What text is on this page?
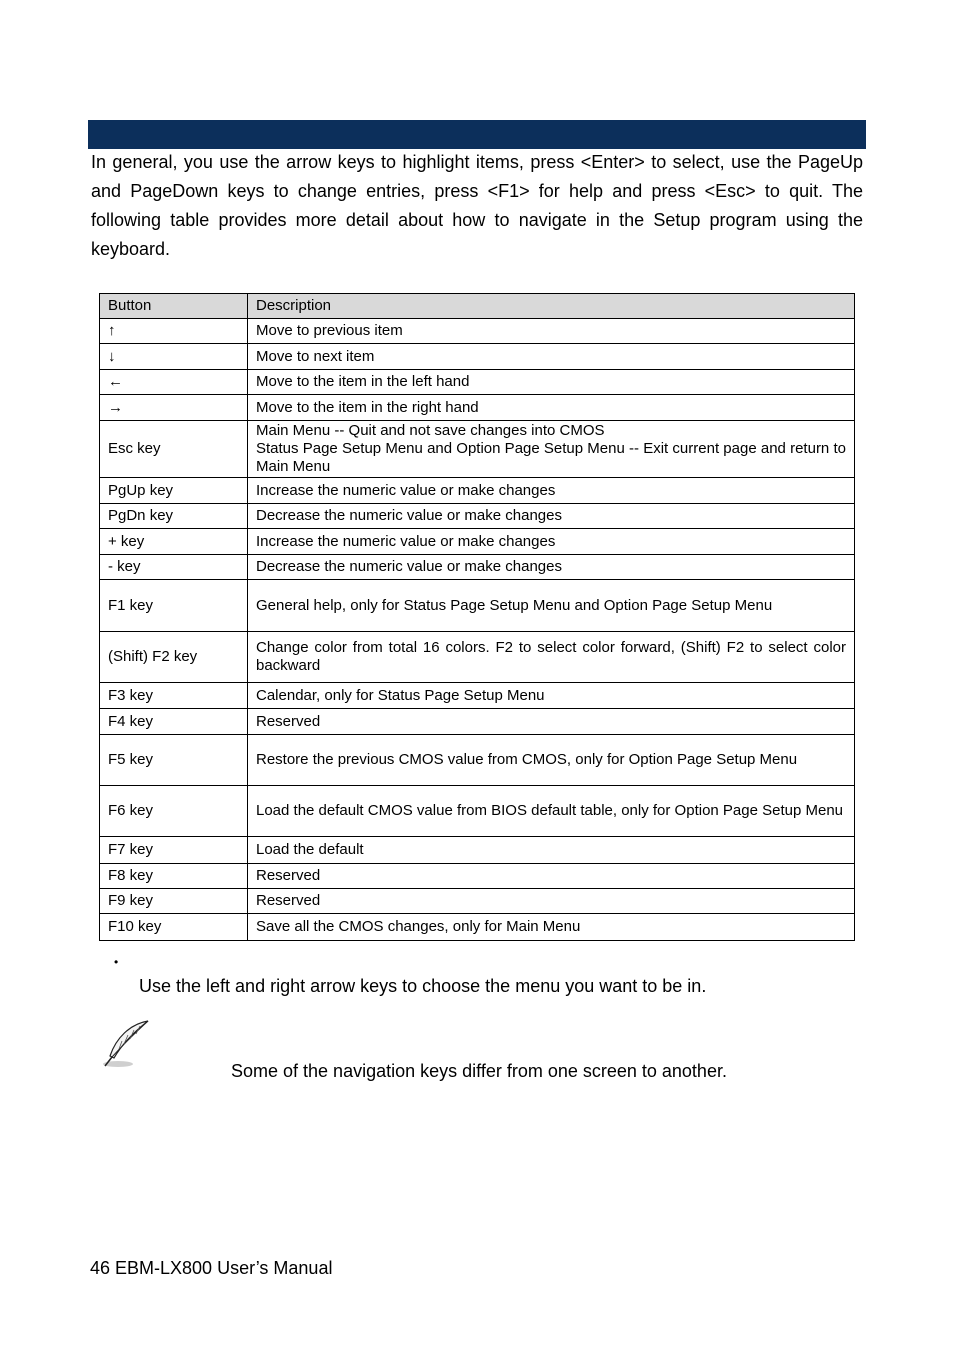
In general, you use the arrow keys to highlight items, press <Enter> to select, use the PageUp and PageDown keys to change entries, press <F1> for help and press <Esc> to quit. The following table provides more detail about how to navigate in the Setup program using the keyboard.

Button	Description
↑	Move to previous item
↓	Move to next item
←	Move to the item in the left hand
→	Move to the item in the right hand
Esc key	Main Menu -- Quit and not save changes into CMOS
Status Page Setup Menu and Option Page Setup Menu -- Exit current page and return to Main Menu

PgUp key	Increase the numeric value or make changes
PgDn key	Decrease the numeric value or make changes
+ key	Increase the numeric value or make changes
- key	Decrease the numeric value or make changes
F1 key	General help, only for Status Page Setup Menu and Option Page Setup Menu
(Shift) F2 key	Change color from total 16 colors. F2 to select color forward, (Shift) F2 to select color backward
F3 key	Calendar, only for Status Page Setup Menu
F4 key	Reserved
F5 key	Restore the previous CMOS value from CMOS, only for Option Page Setup Menu
F6 key	Load the default CMOS value from BIOS default table, only for Option Page Setup Menu
F7 key	Load the default
F8 key	Reserved
F9 key	Reserved
F10 key	Save all the CMOS changes, only for Main Menu
•

Use the left and right arrow keys to choose the menu you want to be in.

Some of the navigation keys differ from one screen to another.

46 EBM-LX800 User’s Manual
